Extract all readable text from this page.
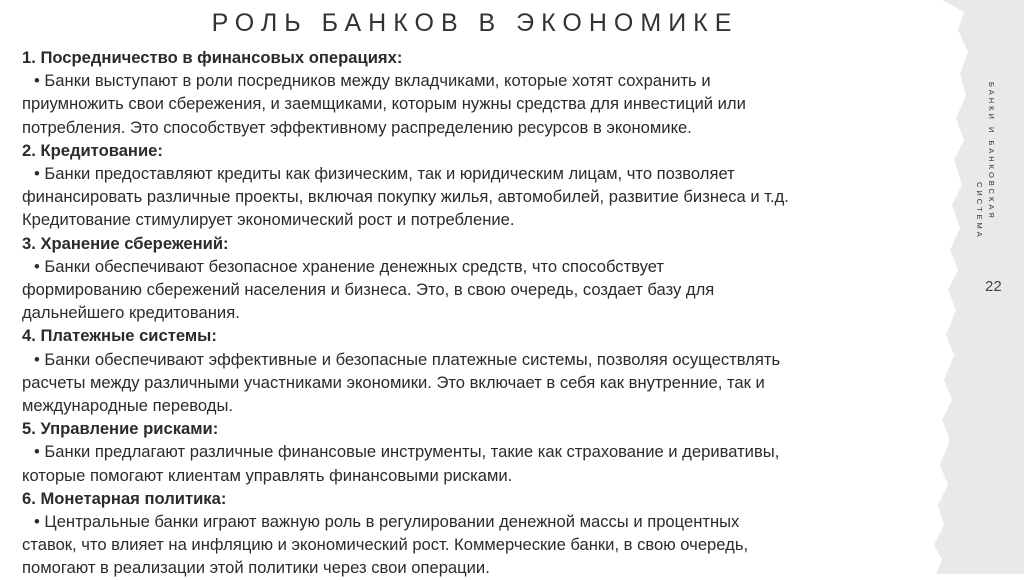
РОЛЬ БАНКОВ В ЭКОНОМИКЕ
1. Посредничество в финансовых операциях:
• Банки выступают в роли посредников между вкладчиками, которые хотят сохранить и
приумножить свои сбережения, и заемщиками, которым нужны средства для инвестиций или
потребления. Это способствует эффективному распределению ресурсов в экономике.
2. Кредитование:
• Банки предоставляют кредиты как физическим, так и юридическим лицам, что позволяет
финансировать различные проекты, включая покупку жилья, автомобилей, развитие бизнеса и т.д.
Кредитование стимулирует экономический рост и потребление.
3. Хранение сбережений:
• Банки обеспечивают безопасное хранение денежных средств, что способствует
формированию сбережений населения и бизнеса. Это, в свою очередь, создает базу для
дальнейшего кредитования.
4. Платежные системы:
• Банки обеспечивают эффективные и безопасные платежные системы, позволяя осуществлять
расчеты между различными участниками экономики. Это включает в себя как внутренние, так и
международные переводы.
5. Управление рисками:
• Банки предлагают различные финансовые инструменты, такие как страхование и деривативы,
которые помогают клиентам управлять финансовыми рисками.
6. Монетарная политика:
• Центральные банки играют важную роль в регулировании денежной массы и процентных
ставок, что влияет на инфляцию и экономический рост. Коммерческие банки, в свою очередь,
помогают в реализации этой политики через свои операции.
БАНКИ И БАНКОВСКАЯ
СИСТЕМА
22
